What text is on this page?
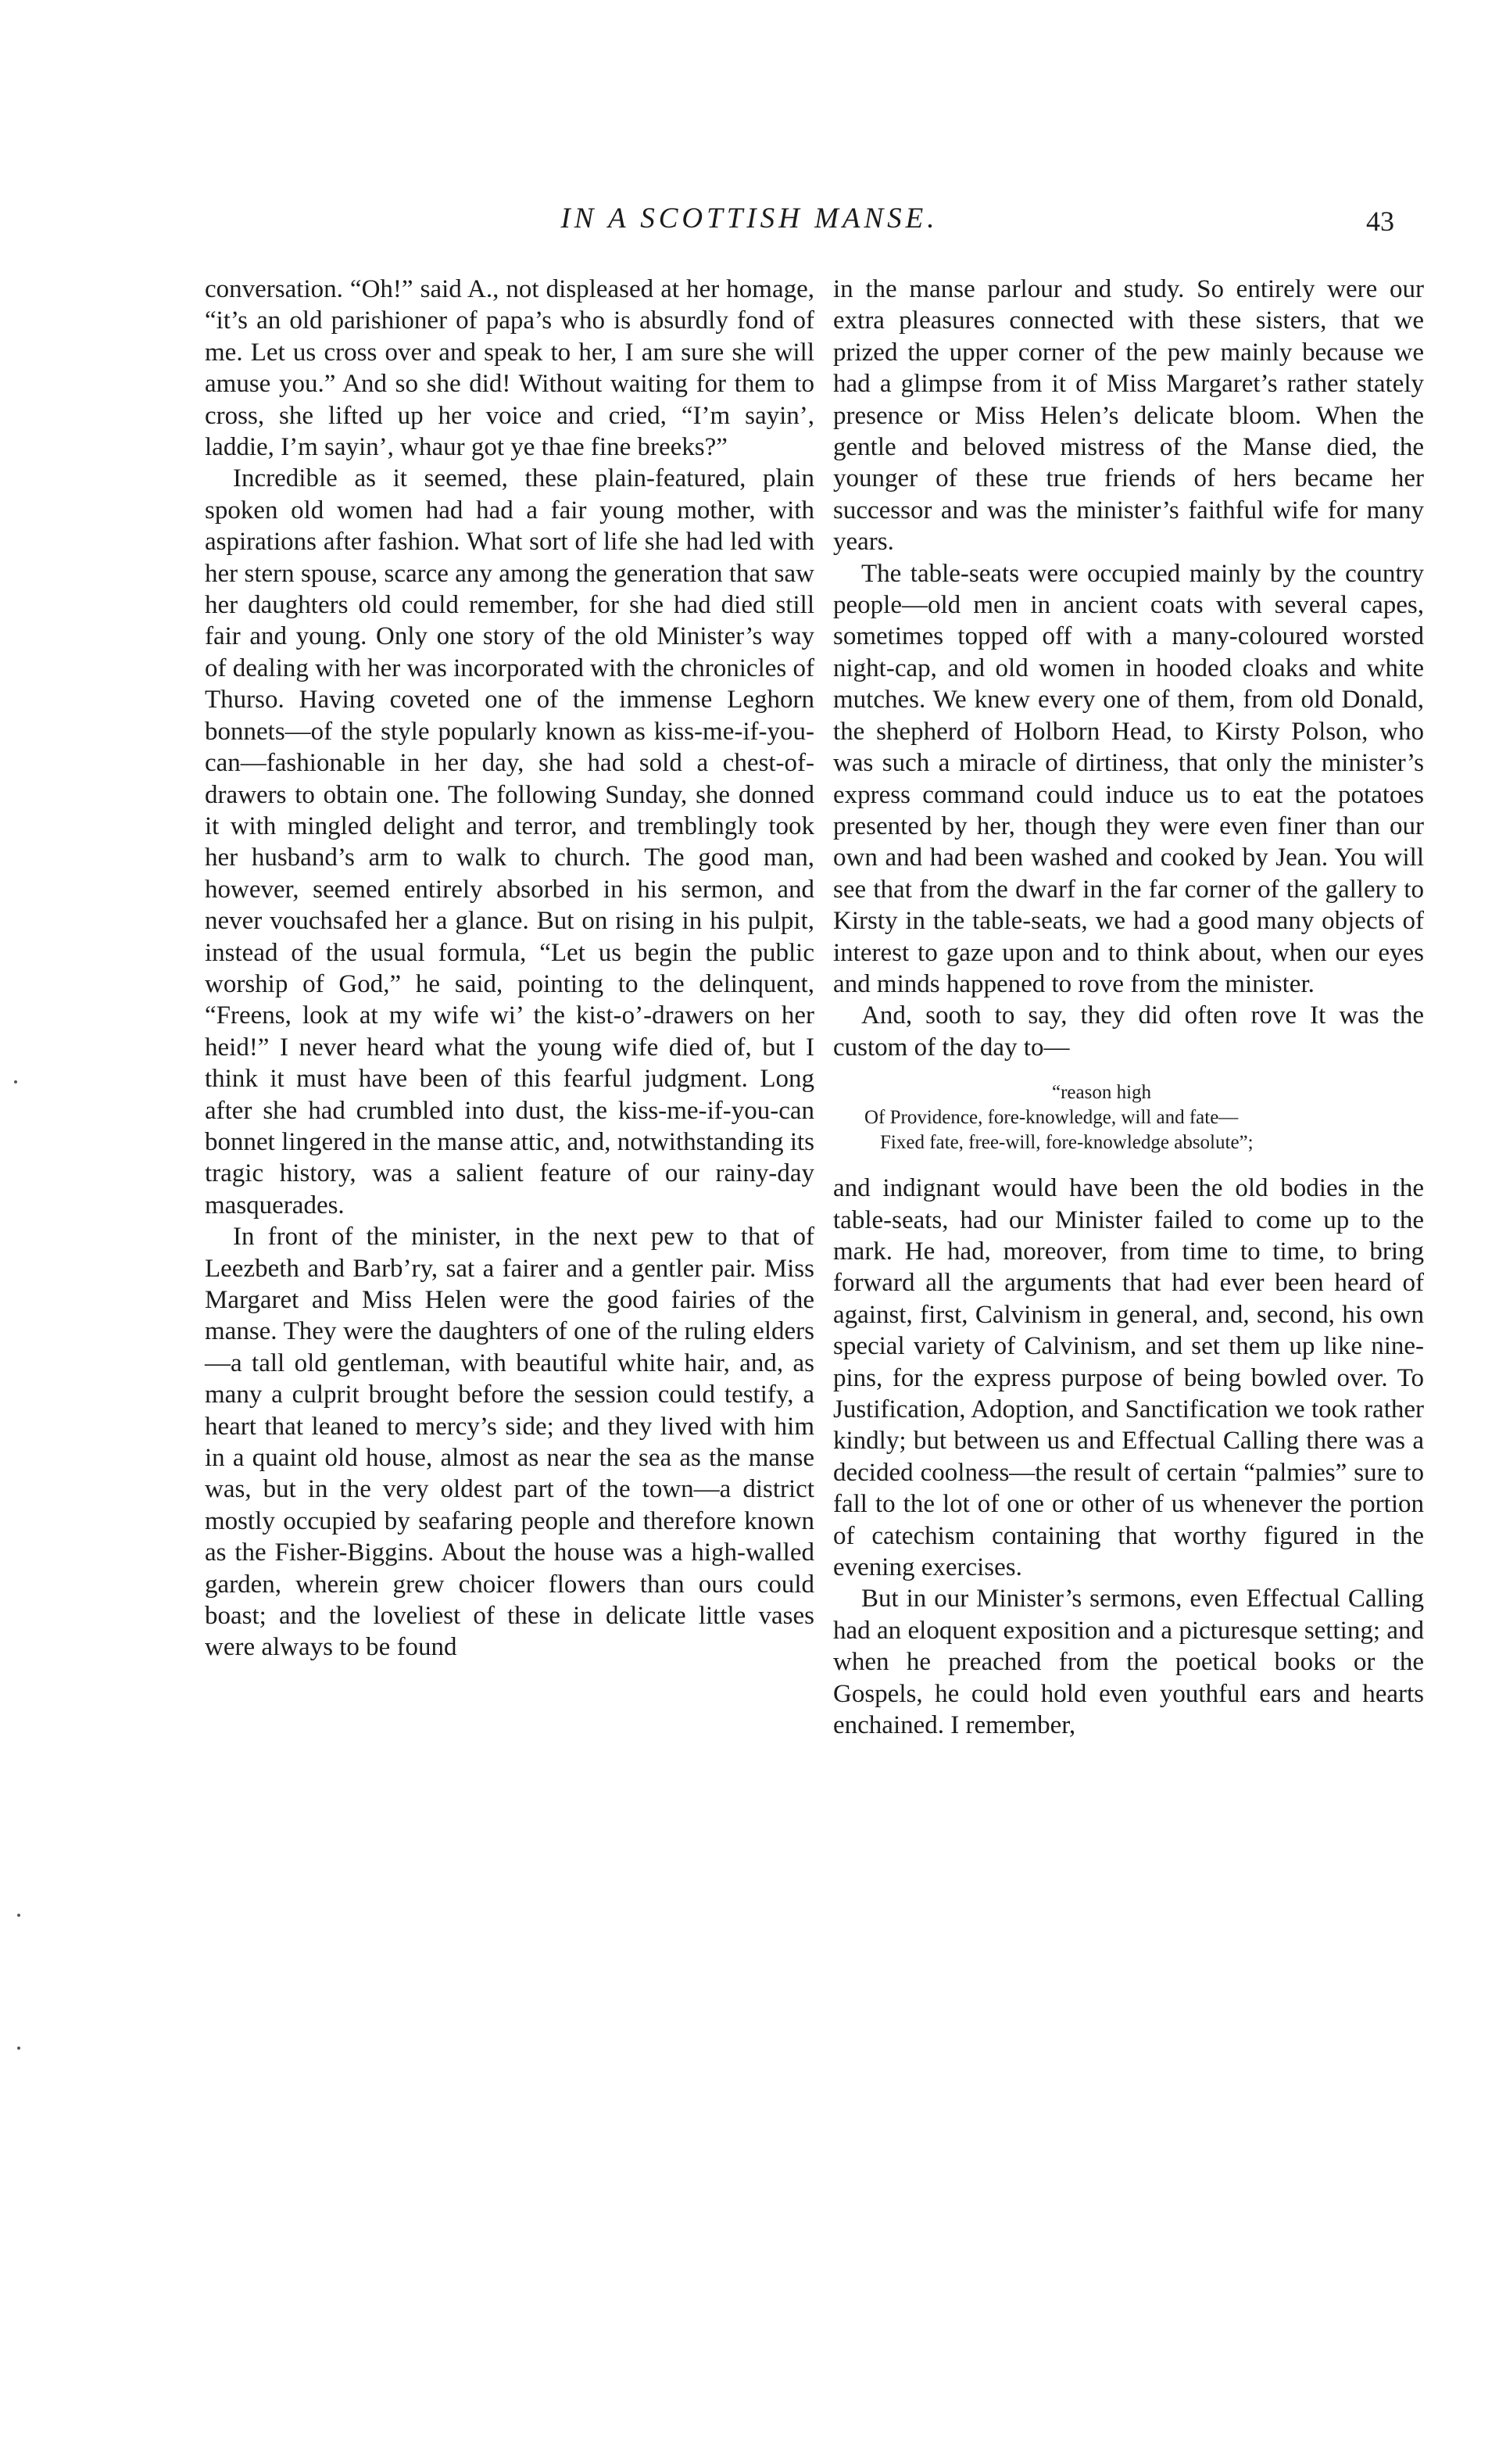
IN A SCOTTISH MANSE.	43

conversation. “Oh!” said A., not displeased at her homage, “it’s an old parishioner of papa’s who is absurdly fond of me. Let us cross over and speak to her, I am sure she will amuse you.” And so she did! Without waiting for them to cross, she lifted up her voice and cried, “I’m sayin’, laddie, I’m sayin’, whaur got ye thae fine breeks?”

Incredible as it seemed, these plain-featured, plain spoken old women had had a fair young mother, with aspirations after fashion. What sort of life she had led with her stern spouse, scarce any among the generation that saw her daughters old could remember, for she had died still fair and young. Only one story of the old Minister’s way of dealing with her was incorporated with the chronicles of Thurso. Having coveted one of the immense Leghorn bonnets—of the style popularly known as kiss-me-if-you-can—fashionable in her day, she had sold a chest-of-drawers to obtain one. The following Sunday, she donned it with mingled delight and terror, and tremblingly took her husband’s arm to walk to church. The good man, however, seemed entirely absorbed in his sermon, and never vouchsafed her a glance. But on rising in his pulpit, instead of the usual formula, “Let us begin the public worship of God,” he said, pointing to the delinquent, “Freens, look at my wife wi’ the kist-o’-drawers on her heid!” I never heard what the young wife died of, but I think it must have been of this fearful judgment. Long after she had crumbled into dust, the kiss-me-if-you-can bonnet lingered in the manse attic, and, notwithstanding its tragic history, was a salient feature of our rainy-day masquerades.

In front of the minister, in the next pew to that of Leezbeth and Barb’ry, sat a fairer and a gentler pair. Miss Margaret and Miss Helen were the good fairies of the manse. They were the daughters of one of the ruling elders—a tall old gentleman, with beautiful white hair, and, as many a culprit brought before the session could testify, a heart that leaned to mercy’s side; and they lived with him in a quaint old house, almost as near the sea as the manse was, but in the very oldest part of the town—a district mostly occupied by seafaring people and therefore known as the Fisher-Biggins. About the house was a high-walled garden, wherein grew choicer flowers than ours could boast; and the loveliest of these in delicate little vases were always to be found

in the manse parlour and study. So entirely were our extra pleasures connected with these sisters, that we prized the upper corner of the pew mainly because we had a glimpse from it of Miss Margaret’s rather stately presence or Miss Helen’s delicate bloom. When the gentle and beloved mistress of the Manse died, the younger of these true friends of hers became her successor and was the minister’s faithful wife for many years.

The table-seats were occupied mainly by the country people—old men in ancient coats with several capes, sometimes topped off with a many-coloured worsted night-cap, and old women in hooded cloaks and white mutches. We knew every one of them, from old Donald, the shepherd of Holborn Head, to Kirsty Polson, who was such a miracle of dirtiness, that only the minister’s express command could induce us to eat the potatoes presented by her, though they were even finer than our own and had been washed and cooked by Jean. You will see that from the dwarf in the far corner of the gallery to Kirsty in the table-seats, we had a good many objects of interest to gaze upon and to think about, when our eyes and minds happened to rove from the minister.

And, sooth to say, they did often rove It was the custom of the day to—

“reason high
Of Providence, fore-knowledge, will and fate—
Fixed fate, free-will, fore-knowledge absolute”;

and indignant would have been the old bodies in the table-seats, had our Minister failed to come up to the mark. He had, moreover, from time to time, to bring forward all the arguments that had ever been heard of against, first, Calvinism in general, and, second, his own special variety of Calvinism, and set them up like nine-pins, for the express purpose of being bowled over. To Justification, Adoption, and Sanctification we took rather kindly; but between us and Effectual Calling there was a decided coolness—the result of certain “palmies” sure to fall to the lot of one or other of us whenever the portion of catechism containing that worthy figured in the evening exercises.

But in our Minister’s sermons, even Effectual Calling had an eloquent exposition and a picturesque setting; and when he preached from the poetical books or the Gospels, he could hold even youthful ears and hearts enchained. I remember,
